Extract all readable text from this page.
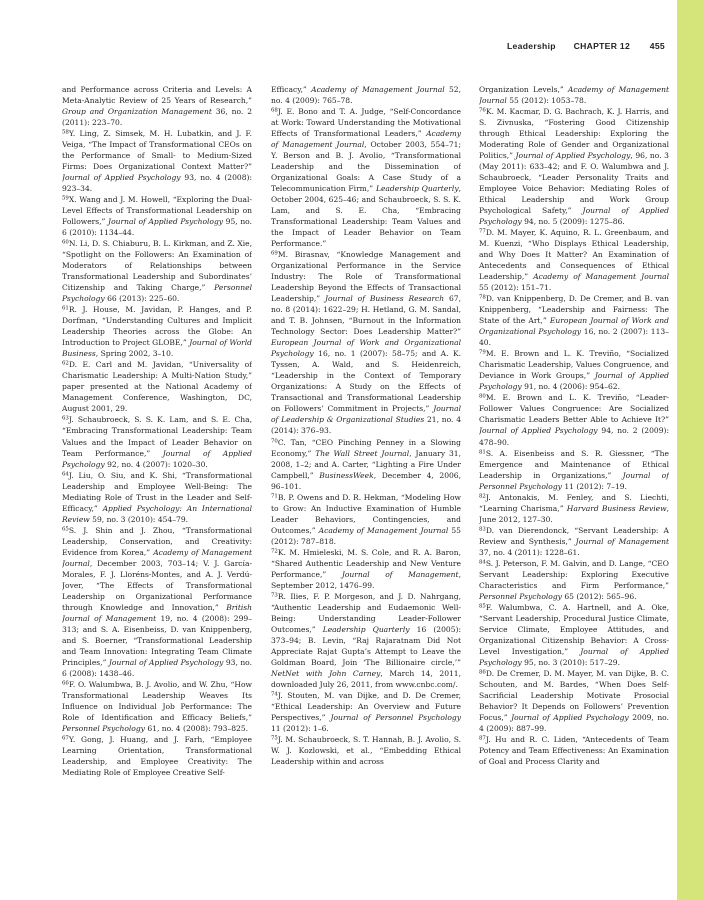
Leadership CHAPTER 12 455
and Performance across Criteria and Levels: A Meta-Analytic Review of 25 Years of Research,” Group and Organization Management 36, no. 2 (2011): 223–70.
$^{58}$Y. Ling, Z. Simsek, M. H. Lubatkin, and J. F. Veiga, “The Impact of Transformational CEOs on the Performance of Small- to Medium-Sized Firms: Does Organizational Context Matter?” Journal of Applied Psychology 93, no. 4 (2008): 923–34.
$^{59}$X. Wang and J. M. Howell, “Exploring the Dual-Level Effects of Transformational Leadership on Followers,” Journal of Applied Psychology 95, no. 6 (2010): 1134–44.
$^{60}$N. Li, D. S. Chiaburu, B. L. Kirkman, and Z. Xie, “Spotlight on the Followers: An Examination of Moderators of Relationships between Transformational Leadership and Subordinates’ Citizenship and Taking Charge,” Personnel Psychology 66 (2013): 225–60.
$^{61}$R. J. House, M. Javidan, P. Hanges, and P. Dorfman, “Understanding Cultures and Implicit Leadership Theories across the Globe: An Introduction to Project GLOBE,” Journal of World Business, Spring 2002, 3–10.
$^{62}$D. E. Carl and M. Javidan, “Universality of Charismatic Leadership: A Multi-Nation Study,” paper presented at the National Academy of Management Conference, Washington, DC, August 2001, 29.
$^{63}$J. Schaubroeck, S. S. K. Lam, and S. E. Cha, “Embracing Transformational Leadership: Team Values and the Impact of Leader Behavior on Team Performance,” Journal of Applied Psychology 92, no. 4 (2007): 1020–30.
$^{64}$J. Liu, O. Siu, and K. Shi, “Transformational Leadership and Employee Well-Being: The Mediating Role of Trust in the Leader and Self-Efficacy,” Applied Psychology: An International Review 59, no. 3 (2010): 454–79.
$^{65}$S. J. Shin and J. Zhou, “Transformational Leadership, Conservation, and Creativity: Evidence from Korea,” Academy of Management Journal, December 2003, 703–14; V. J. García-Morales, F. J. Lloréns-Montes, and A. J. Verdú-Jover, “The Effects of Transformational Leadership on Organizational Performance through Knowledge and Innovation,” British Journal of Management 19, no. 4 (2008): 299–313; and S. A. Eisenbeiss, D. van Knippenberg, and S. Boerner, “Transformational Leadership and Team Innovation: Integrating Team Climate Principles,” Journal of Applied Psychology 93, no. 6 (2008): 1438–46.
$^{66}$F. O. Walumbwa, B. J. Avolio, and W. Zhu, “How Transformational Leadership Weaves Its Influence on Individual Job Performance: The Role of Identification and Efficacy Beliefs,” Personnel Psychology 61, no. 4 (2008): 793–825.
$^{67}$Y. Gong, J. Huang, and J. Farh, “Employee Learning Orientation, Transformational Leadership, and Employee Creativity: The Mediating Role of Employee Creative Self-
Efficacy,” Academy of Management Journal 52, no. 4 (2009): 765–78.
$^{68}$J. E. Bono and T. A. Judge, “Self-Concordance at Work: Toward Understanding the Motivational Effects of Transformational Leaders,” Academy of Management Journal, October 2003, 554–71; Y. Berson and B. J. Avolio, “Transformational Leadership and the Dissemination of Organizational Goals: A Case Study of a Telecommunication Firm,” Leadership Quarterly, October 2004, 625–46; and Schaubroeck, S. S. K. Lam, and S. E. Cha, “Embracing Transformational Leadership: Team Values and the Impact of Leader Behavior on Team Performance.”
$^{69}$M. Birasnav, “Knowledge Management and Organizational Performance in the Service Industry: The Role of Transformational Leadership Beyond the Effects of Transactional Leadership,” Journal of Business Research 67, no. 8 (2014): 1622–29; H. Hetland, G. M. Sandal, and T. B. Johnsen, “Burnout in the Information Technology Sector: Does Leadership Matter?” European Journal of Work and Organizational Psychology 16, no. 1 (2007): 58–75; and A. K. Tyssen, A. Wald, and S. Heidenreich, “Leadership in the Context of Temporary Organizations: A Study on the Effects of Transactional and Transformational Leadership on Followers’ Commitment in Projects,” Journal of Leadership & Organizational Studies 21, no. 4 (2014): 376–93.
$^{70}$C. Tan, “CEO Pinching Penney in a Slowing Economy,” The Wall Street Journal, January 31, 2008, 1–2; and A. Carter, “Lighting a Fire Under Campbell,” BusinessWeek, December 4, 2006, 96–101.
$^{71}$B. P. Owens and D. R. Hekman, “Modeling How to Grow: An Inductive Examination of Humble Leader Behaviors, Contingencies, and Outcomes,” Academy of Management Journal 55 (2012): 787–818.
$^{72}$K. M. Hmieleski, M. S. Cole, and R. A. Baron, “Shared Authentic Leadership and New Venture Performance,” Journal of Management, September 2012, 1476–99.
$^{73}$R. Ilies, F. P. Morgeson, and J. D. Nahrgang, “Authentic Leadership and Eudaemonic Well-Being: Understanding Leader-Follower Outcomes,” Leadership Quarterly 16 (2005): 373–94; B. Levin, “Raj Rajaratnam Did Not Appreciate Rajat Gupta’s Attempt to Leave the Goldman Board, Join ‘The Billionaire circle,’” NetNet with John Carney, March 14, 2011, downloaded July 26, 2011, from www.cnbc.com/.
$^{74}$J. Stouten, M. van Dijke, and D. De Cremer, “Ethical Leadership: An Overview and Future Perspectives,” Journal of Personnel Psychology 11 (2012): 1–6.
$^{75}$J. M. Schaubroeck, S. T. Hannah, B. J. Avolio, S. W. J. Kozlowski, et al., “Embedding Ethical Leadership within and across
Organization Levels,” Academy of Management Journal 55 (2012): 1053–78.
$^{76}$K. M. Kacmar, D. G. Bachrach, K. J. Harris, and S. Zivnuska, “Fostering Good Citizenship through Ethical Leadership: Exploring the Moderating Role of Gender and Organizational Politics,” Journal of Applied Psychology, 96, no. 3 (May 2011): 633–42; and F. O. Walumbwa and J. Schaubroeck, “Leader Personality Traits and Employee Voice Behavior: Mediating Roles of Ethical Leadership and Work Group Psychological Safety,” Journal of Applied Psychology 94, no. 5 (2009): 1275–86.
$^{77}$D. M. Mayer, K. Aquino, R. L. Greenbaum, and M. Kuenzi, “Who Displays Ethical Leadership, and Why Does It Matter? An Examination of Antecedents and Consequences of Ethical Leadership,” Academy of Management Journal 55 (2012): 151–71.
$^{78}$D. van Knippenberg, D. De Cremer, and B. van Knippenberg, “Leadership and Fairness: The State of the Art,” European Journal of Work and Organizational Psychology 16, no. 2 (2007): 113–40.
$^{79}$M. E. Brown and L. K. Treviño, “Socialized Charismatic Leadership, Values Congruence, and Deviance in Work Groups,” Journal of Applied Psychology 91, no. 4 (2006): 954–62.
$^{80}$M. E. Brown and L. K. Treviño, “Leader-Follower Values Congruence: Are Socialized Charismatic Leaders Better Able to Achieve It?” Journal of Applied Psychology 94, no. 2 (2009): 478–90.
$^{81}$S. A. Eisenbeiss and S. R. Giessner, “The Emergence and Maintenance of Ethical Leadership in Organizations,” Journal of Personnel Psychology 11 (2012): 7–19.
$^{82}$J. Antonakis, M. Fenley, and S. Liechti, “Learning Charisma,” Harvard Business Review, June 2012, 127–30.
$^{83}$D. van Dierendonck, “Servant Leadership: A Review and Synthesis,” Journal of Management 37, no. 4 (2011): 1228–61.
$^{84}$S. J. Peterson, F. M. Galvin, and D. Lange, “CEO Servant Leadership: Exploring Executive Characteristics and Firm Performance,” Personnel Psychology 65 (2012): 565–96.
$^{85}$F. Walumbwa, C. A. Hartnell, and A. Oke, “Servant Leadership, Procedural Justice Climate, Service Climate, Employee Attitudes, and Organizational Citizenship Behavior: A Cross-Level Investigation,” Journal of Applied Psychology 95, no. 3 (2010): 517–29.
$^{86}$D. De Cremer, D. M. Mayer, M. van Dijke, B. C. Schouten, and M. Bardes, “When Does Self-Sacrificial Leadership Motivate Prosocial Behavior? It Depends on Followers’ Prevention Focus,” Journal of Applied Psychology 2009, no. 4 (2009): 887–99.
$^{87}$J. Hu and R. C. Liden, “Antecedents of Team Potency and Team Effectiveness: An Examination of Goal and Process Clarity and
